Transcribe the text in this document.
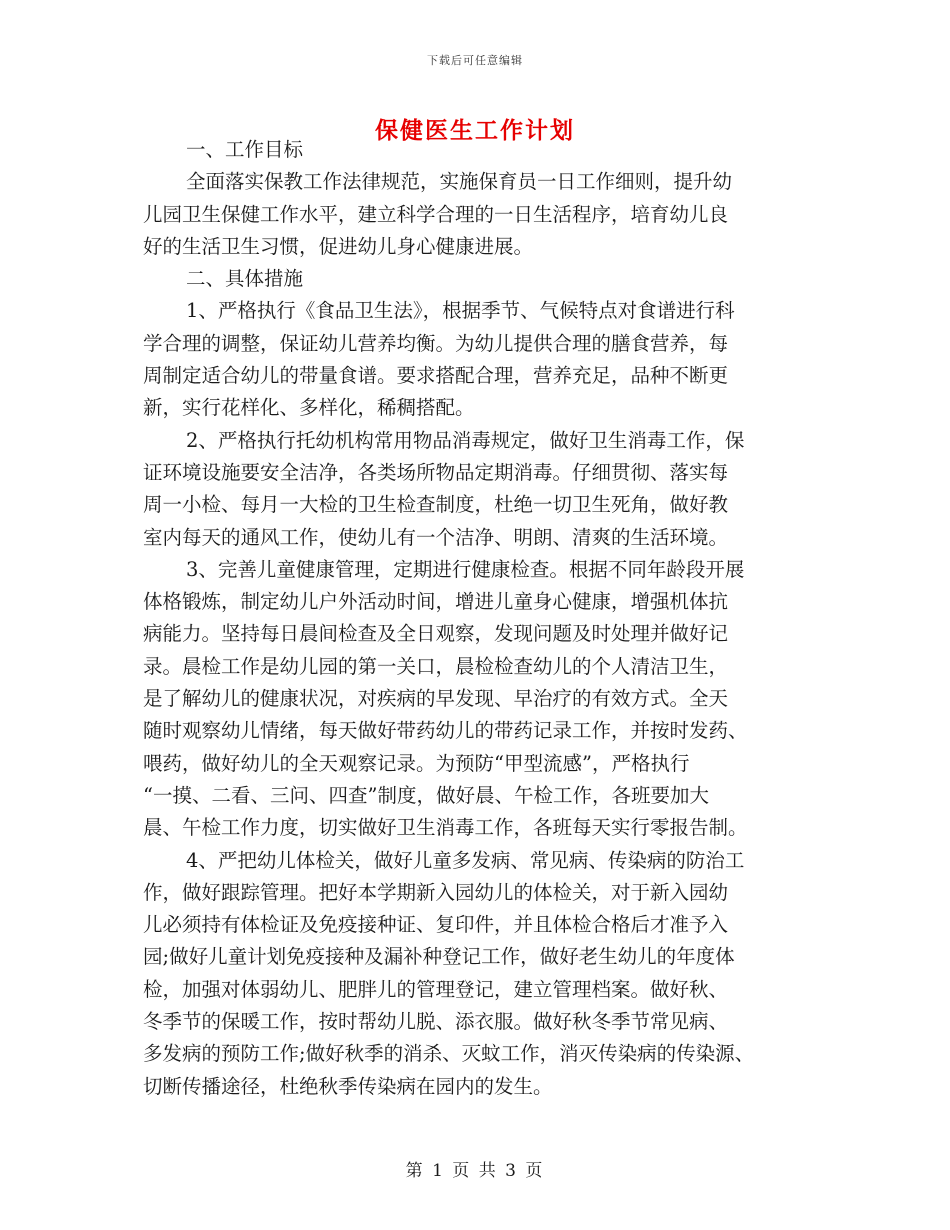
下载后可任意编辑
保健医生工作计划
一、工作目标
全面落实保教工作法律规范，实施保育员一日工作细则，提升幼
儿园卫生保健工作水平，建立科学合理的一日生活程序，培育幼儿良
好的生活卫生习惯，促进幼儿身心健康进展。
二、具体措施
1、严格执行《食品卫生法》，根据季节、气候特点对食谱进行科
学合理的调整，保证幼儿营养均衡。为幼儿提供合理的膳食营养，每
周制定适合幼儿的带量食谱。要求搭配合理，营养充足，品种不断更
新，实行花样化、多样化，稀稠搭配。
2、严格执行托幼机构常用物品消毒规定，做好卫生消毒工作，保
证环境设施要安全洁净，各类场所物品定期消毒。仔细贯彻、落实每
周一小检、每月一大检的卫生检查制度，杜绝一切卫生死角，做好教
室内每天的通风工作，使幼儿有一个洁净、明朗、清爽的生活环境。
3、完善儿童健康管理，定期进行健康检查。根据不同年龄段开展
体格锻炼，制定幼儿户外活动时间，增进儿童身心健康，增强机体抗
病能力。坚持每日晨间检查及全日观察，发现问题及时处理并做好记
录。晨检工作是幼儿园的第一关口，晨检检查幼儿的个人清洁卫生，
是了解幼儿的健康状况，对疾病的早发现、早治疗的有效方式。全天
随时观察幼儿情绪，每天做好带药幼儿的带药记录工作，并按时发药、
喂药，做好幼儿的全天观察记录。为预防“甲型流感”，严格执行
“一摸、二看、三问、四查”制度，做好晨、午检工作，各班要加大
晨、午检工作力度，切实做好卫生消毒工作，各班每天实行零报告制。
4、严把幼儿体检关，做好儿童多发病、常见病、传染病的防治工
作，做好跟踪管理。把好本学期新入园幼儿的体检关，对于新入园幼
儿必须持有体检证及免疫接种证、复印件，并且体检合格后才准予入
园;做好儿童计划免疫接种及漏补种登记工作，做好老生幼儿的年度体
检，加强对体弱幼儿、肥胖儿的管理登记，建立管理档案。做好秋、
冬季节的保暖工作，按时帮幼儿脱、添衣服。做好秋冬季节常见病、
多发病的预防工作;做好秋季的消杀、灭蚊工作，消灭传染病的传染源、
切断传播途径，杜绝秋季传染病在园内的发生。
第 1 页 共 3 页
